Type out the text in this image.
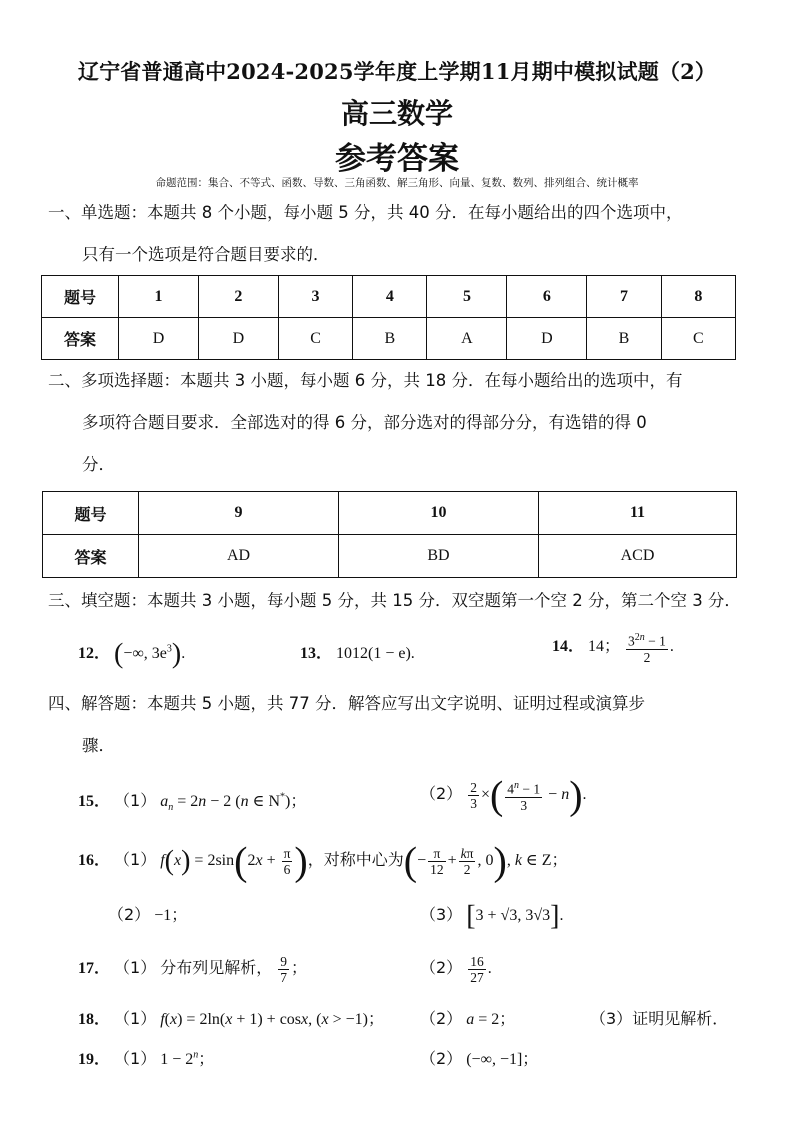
辽宁省普通高中2024-2025学年度上学期11月期中模拟试题（2）
高三数学
参考答案
命题范围：集合、不等式、函数、导数、三角函数、解三角形、向量、复数、数列、排列组合、统计概率
一、单选题：本题共 8 个小题，每小题 5 分，共 40 分．在每小题给出的四个选项中，
只有一个选项是符合题目要求的．
题号	1	2	3	4	5	6	7	8
答案	D	D	C	B	A	D	B	C
二、多项选择题：本题共 3 小题，每小题 6 分，共 18 分．在每小题给出的选项中，有
多项符合题目要求．全部选对的得 6 分，部分选对的得部分分，有选错的得 0
分．
题号	9	10	11
答案	AD	BD	ACD
三、填空题：本题共 3 小题，每小题 5 分，共 15 分．双空题第一个空 2 分，第二个空 3 分．
12． (−∞, $3e^3$).	13． 1012(1 − e).	14． 14； $\frac{3^{2n} - 1}{2}$ .
四、解答题：本题共 5 小题，共 77 分．解答应写出文字说明、证明过程或演算步
骤．
15． （1） $a_n = 2n - 2$ (n ∈ N*)；	$(2) \frac{2}{3}$ ×( $\frac{4^n - 1}{3} - n$).
16． （1） $f(x) = 2\sin(2x + \frac{\pi}{6}$ )，对称中心为(− $\frac{\pi}{12} + \frac{k\pi}{2}$ , 0), k ∈ Z；
（2） −1；	（3） [3 + √3, 3√3].
17． （1） 分布列见解析， $\frac{9}{7}$ ；	$(2) \frac{16}{27}$ .
18． （1） f(x) = 2ln(x + 1) + cosx, (x > −1)； （2） a = 2；	（3）证明见解析．
19． （1） $1 - 2^n$；	（2） (−∞, −1]；
